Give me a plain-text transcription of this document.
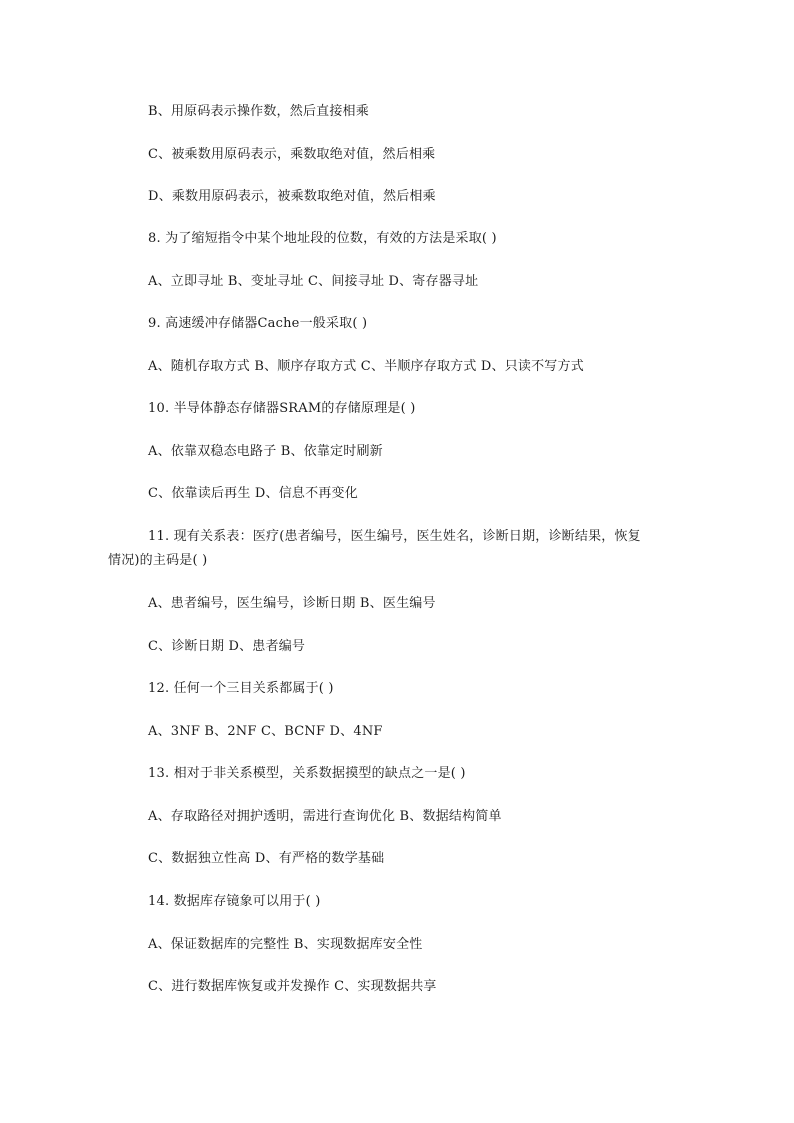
B、用原码表示操作数，然后直接相乘
C、被乘数用原码表示，乘数取绝对值，然后相乘
D、乘数用原码表示，被乘数取绝对值，然后相乘
8. 为了缩短指令中某个地址段的位数，有效的方法是采取( )
A、立即寻址 B、变址寻址 C、间接寻址 D、寄存器寻址
9. 高速缓冲存储器Cache一般采取( )
A、随机存取方式 B、顺序存取方式 C、半顺序存取方式 D、只读不写方式
10. 半导体静态存储器SRAM的存储原理是( )
A、依靠双稳态电路子 B、依靠定时刷新
C、依靠读后再生 D、信息不再变化
11. 现有关系表：医疗(患者编号，医生编号，医生姓名，诊断日期，诊断结果，恢复
情况)的主码是( )
A、患者编号，医生编号，诊断日期 B、医生编号
C、诊断日期 D、患者编号
12. 任何一个三目关系都属于( )
A、3NF B、2NF C、BCNF D、4NF
13. 相对于非关系模型，关系数据摸型的缺点之一是( )
A、存取路径对拥护透明，需进行查询优化 B、数据结构简单
C、数据独立性高 D、有严格的数学基础
14. 数据库存镜象可以用于( )
A、保证数据库的完整性 B、实现数据库安全性
C、进行数据库恢复或并发操作 C、实现数据共享
